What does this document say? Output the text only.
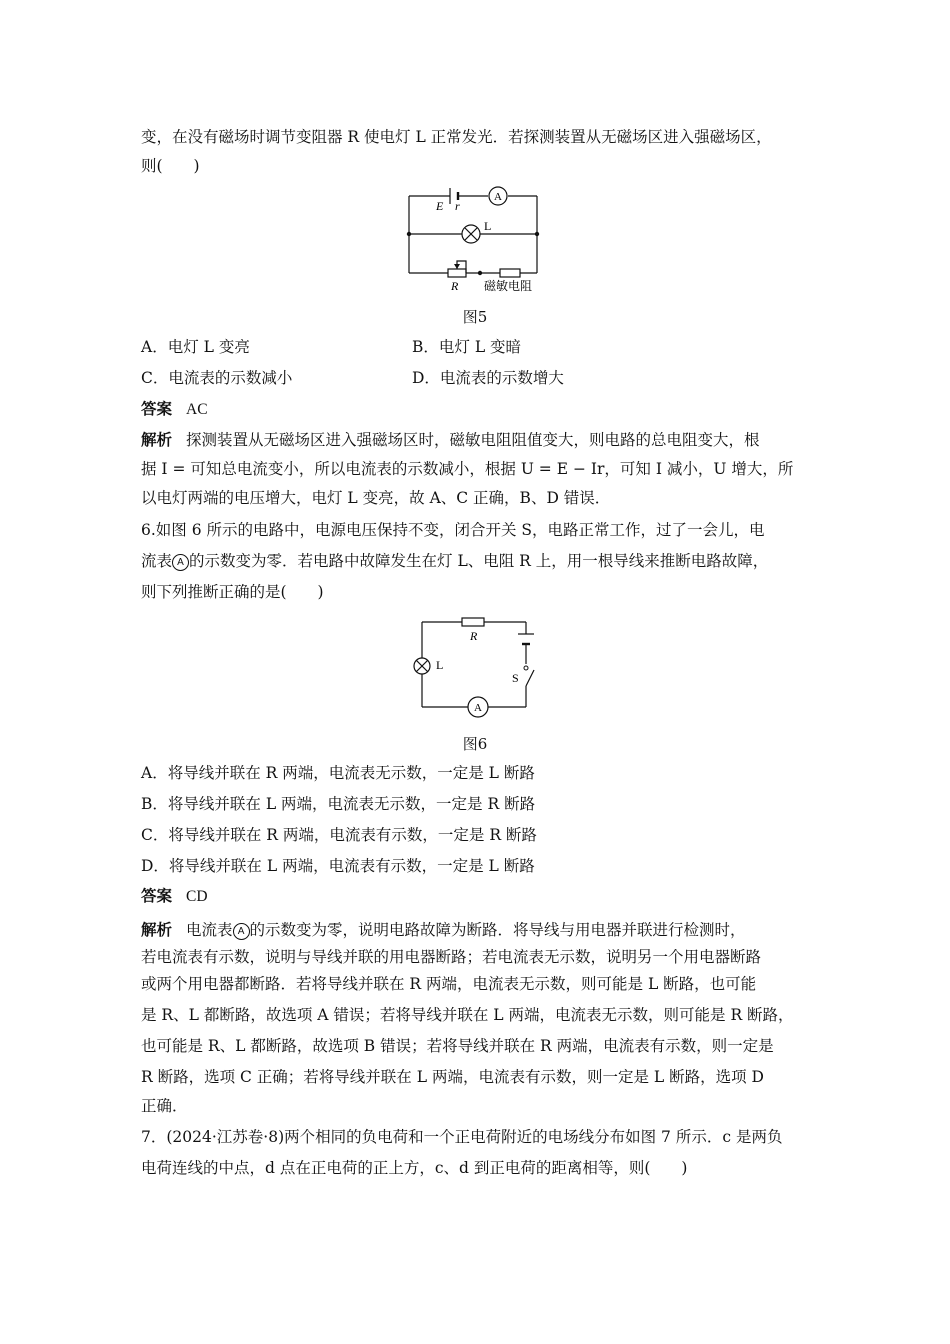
变，在没有磁场时调节变阻器 R 使电灯 L 正常发光．若探测装置从无磁场区进入强磁场区，
则(　　)
A
E r
L
R 磁敏电阻
图5
A．电灯 L 变亮	B．电灯 L 变暗
C．电流表的示数减小	D．电流表的示数增大
答案 AC
解析 探测装置从无磁场区进入强磁场区时，磁敏电阻阻值变大，则电路的总电阻变大，根
据 I = 可知总电流变小，所以电流表的示数减小，根据 U = E − Ir，可知 I 减小，U 增大，所
以电灯两端的电压增大，电灯 L 变亮，故 A、C 正确，B、D 错误．
6.如图 6 所示的电路中，电源电压保持不变，闭合开关 S，电路正常工作，过了一会儿，电
流表 A 的示数变为零．若电路中故障发生在灯 L、电阻 R 上，用一根导线来推断电路故障，
则下列推断正确的是(　　)
A
R
L
S
图6
A．将导线并联在 R 两端，电流表无示数，一定是 L 断路
B．将导线并联在 L 两端，电流表无示数，一定是 R 断路
C．将导线并联在 R 两端，电流表有示数，一定是 R 断路
D．将导线并联在 L 两端，电流表有示数，一定是 L 断路
答案 CD
解析 电流表 A 的示数变为零，说明电路故障为断路．将导线与用电器并联进行检测时，
若电流表有示数，说明与导线并联的用电器断路；若电流表无示数，说明另一个用电器断路
或两个用电器都断路．若将导线并联在 R 两端，电流表无示数，则可能是 L 断路，也可能
是 R、L 都断路，故选项 A 错误；若将导线并联在 L 两端，电流表无示数，则可能是 R 断路，
也可能是 R、L 都断路，故选项 B 错误；若将导线并联在 R 两端，电流表有示数，则一定是
R 断路，选项 C 正确；若将导线并联在 L 两端，电流表有示数，则一定是 L 断路，选项 D
正确．
7．(2024·江苏卷·8)两个相同的负电荷和一个正电荷附近的电场线分布如图 7 所示．c 是两负
电荷连线的中点，d 点在正电荷的正上方，c、d 到正电荷的距离相等，则(　　)
